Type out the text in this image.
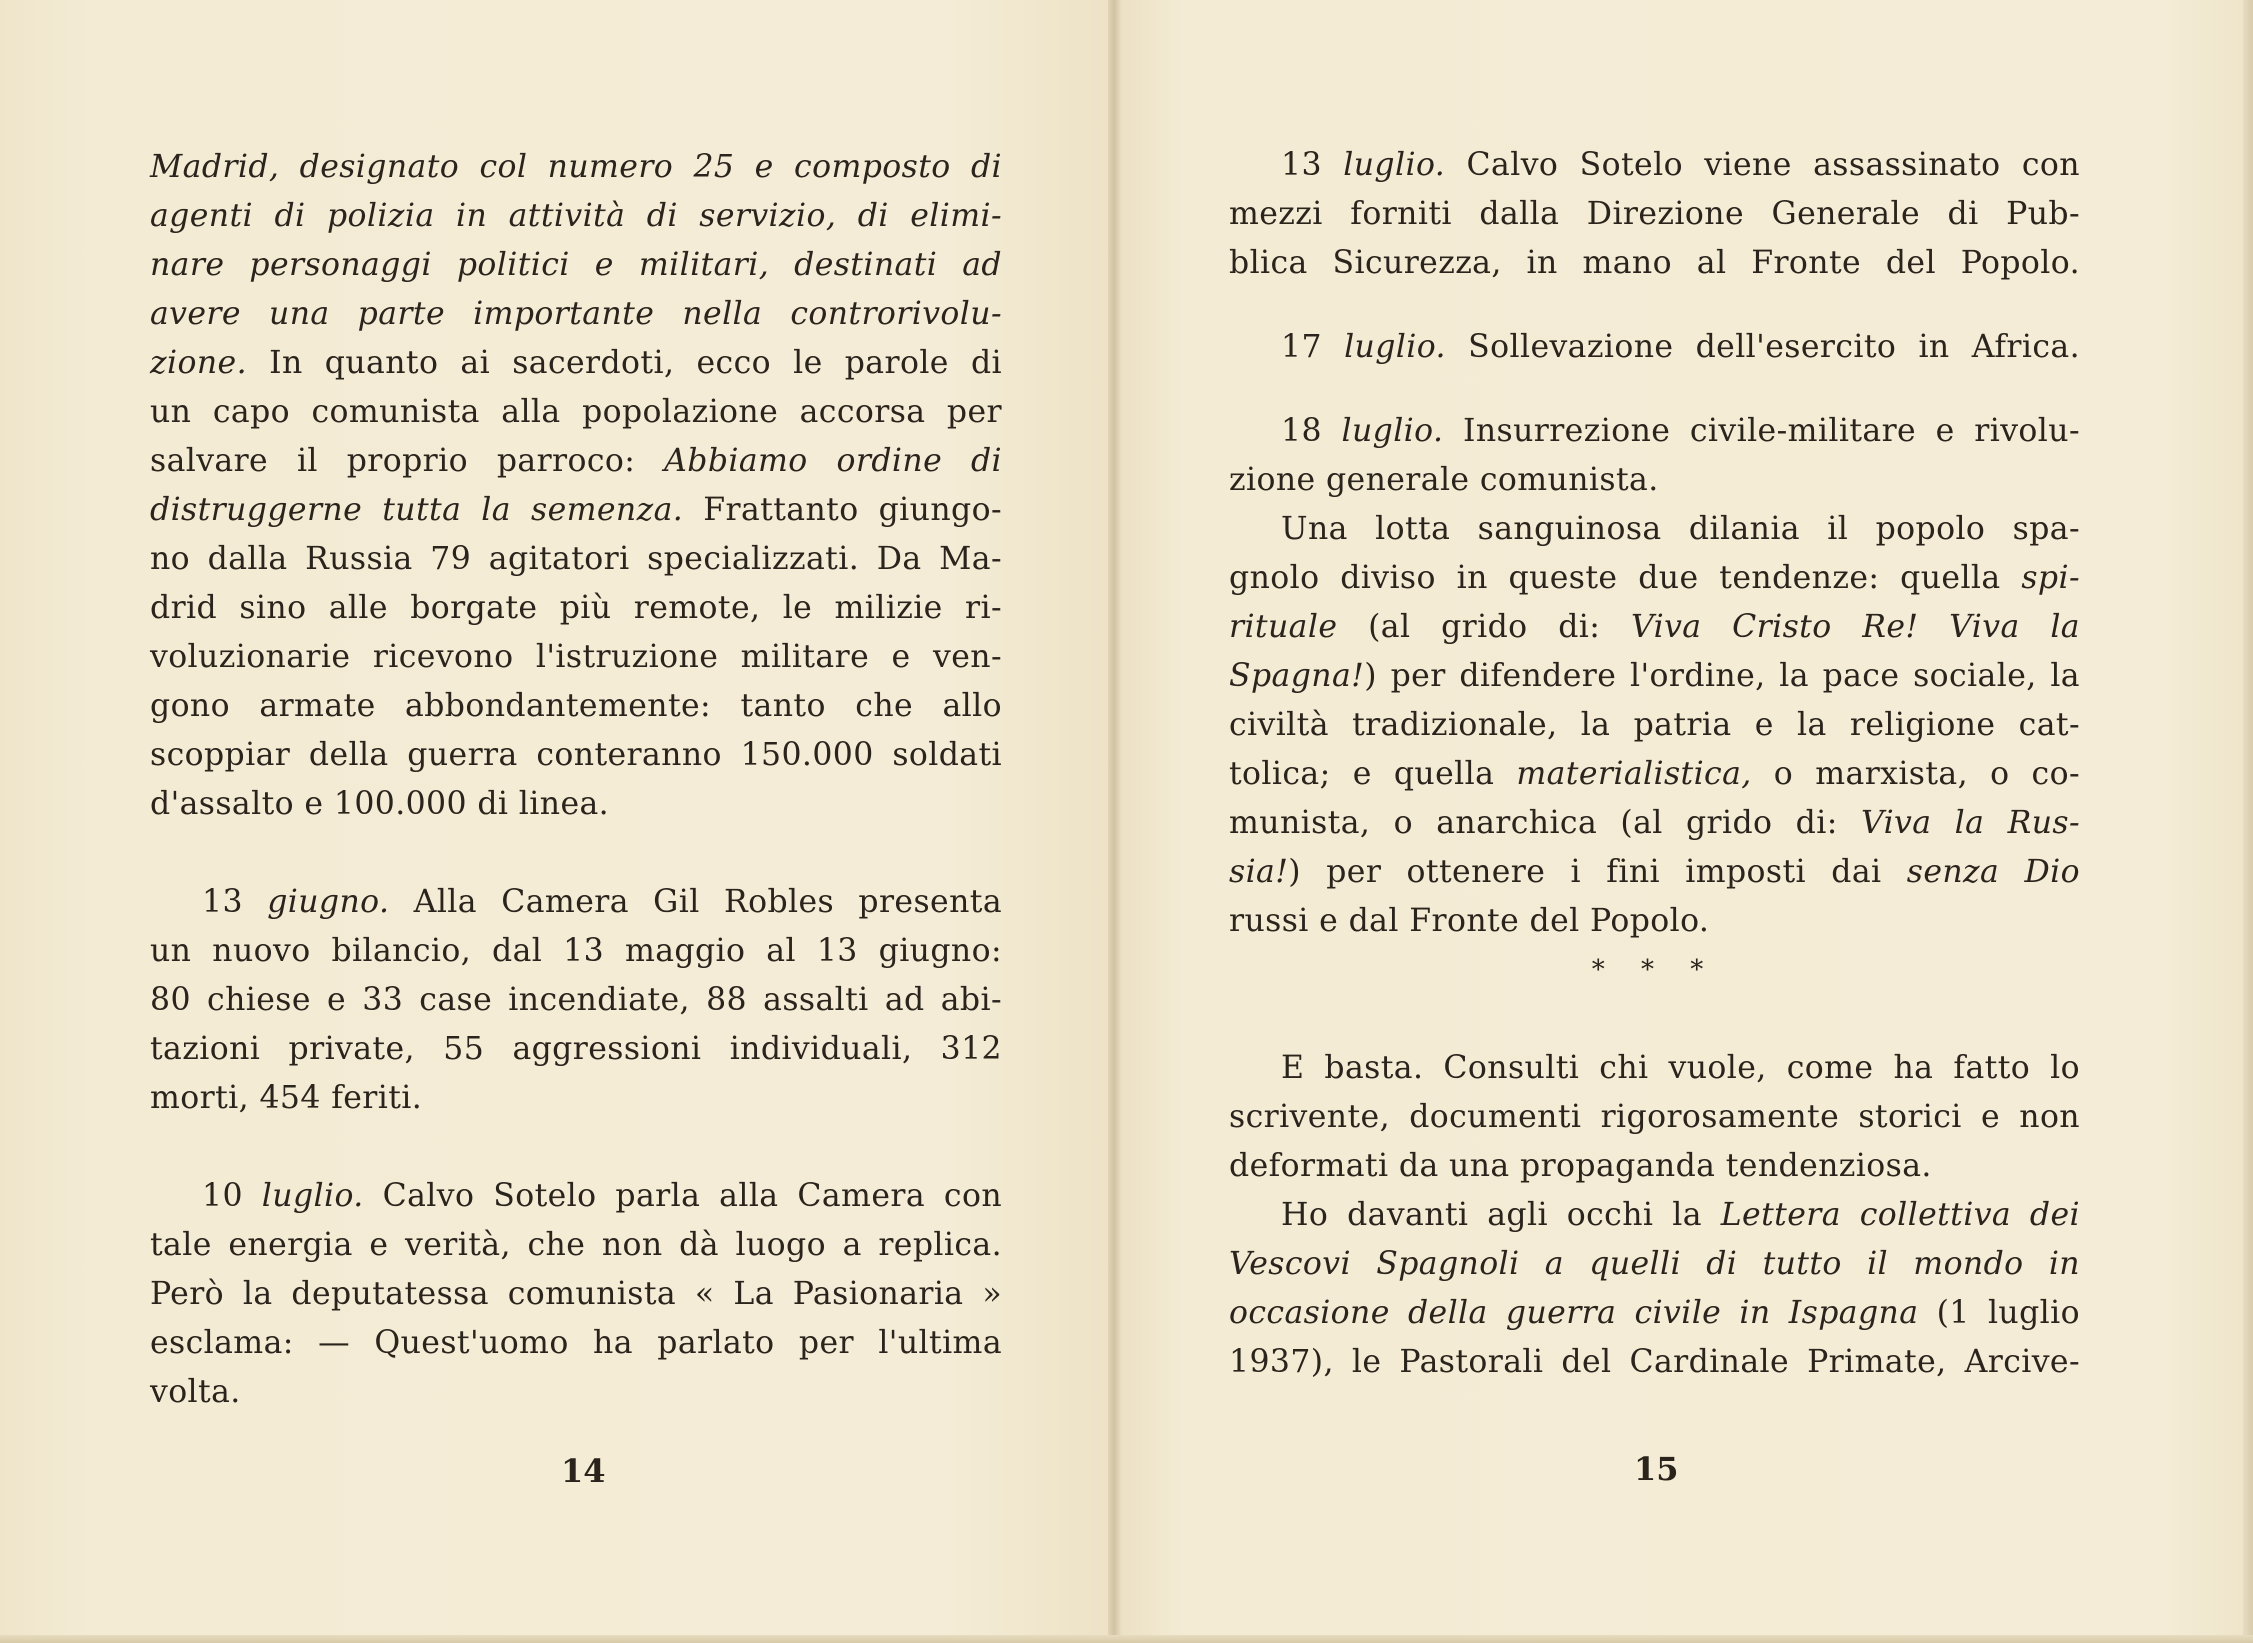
Madrid, designato col numero 25 e composto di
agenti di polizia in attività di servizio, di elimi-
nare personaggi politici e militari, destinati ad
avere una parte importante nella controrivolu-
zione. In quanto ai sacerdoti, ecco le parole di
un capo comunista alla popolazione accorsa per
salvare il proprio parroco: Abbiamo ordine di
distruggerne tutta la semenza. Frattanto giungo-
no dalla Russia 79 agitatori specializzati. Da Ma-
drid sino alle borgate più remote, le milizie ri-
voluzionarie ricevono l'istruzione militare e ven-
gono armate abbondantemente: tanto che allo
scoppiar della guerra conteranno 150.000 soldati
d'assalto e 100.000 di linea.
13 giugno. Alla Camera Gil Robles presenta
un nuovo bilancio, dal 13 maggio al 13 giugno:
80 chiese e 33 case incendiate, 88 assalti ad abi-
tazioni private, 55 aggressioni individuali, 312
morti, 454 feriti.
10 luglio. Calvo Sotelo parla alla Camera con
tale energia e verità, che non dà luogo a replica.
Però la deputatessa comunista « La Pasionaria »
esclama: — Quest'uomo ha parlato per l'ultima
volta.
14
13 luglio. Calvo Sotelo viene assassinato con
mezzi forniti dalla Direzione Generale di Pub-
blica Sicurezza, in mano al Fronte del Popolo.
17 luglio. Sollevazione dell'esercito in Africa.
18 luglio. Insurrezione civile-militare e rivolu-
zione generale comunista.
Una lotta sanguinosa dilania il popolo spa-
gnolo diviso in queste due tendenze: quella spi-
rituale (al grido di: Viva Cristo Re! Viva la
Spagna!) per difendere l'ordine, la pace sociale, la
civiltà tradizionale, la patria e la religione cat-
tolica; e quella materialistica, o marxista, o co-
munista, o anarchica (al grido di: Viva la Rus-
sia!) per ottenere i fini imposti dai senza Dio
russi e dal Fronte del Popolo.
* * *
E basta. Consulti chi vuole, come ha fatto lo
scrivente, documenti rigorosamente storici e non
deformati da una propaganda tendenziosa.
Ho davanti agli occhi la Lettera collettiva dei
Vescovi Spagnoli a quelli di tutto il mondo in
occasione della guerra civile in Ispagna (1 luglio
1937), le Pastorali del Cardinale Primate, Arcive-
15
